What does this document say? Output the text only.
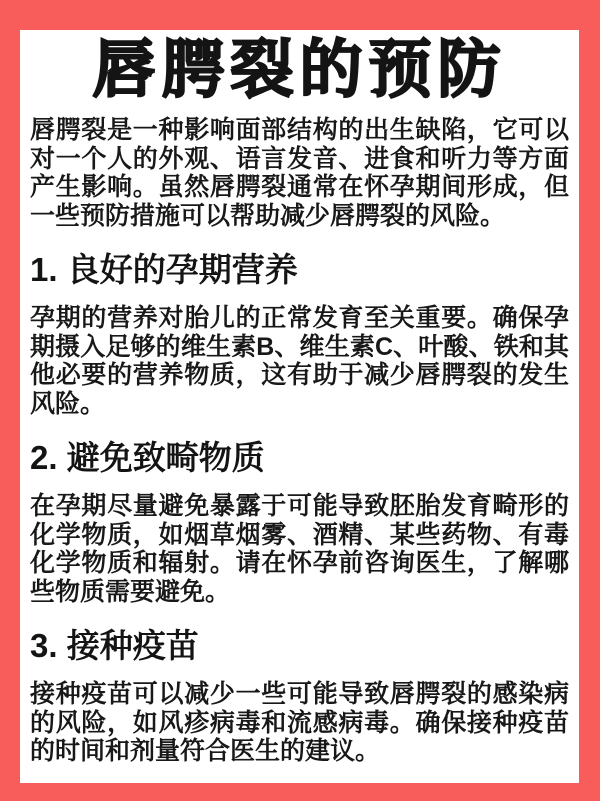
唇腭裂的预防

唇腭裂是一种影响面部结构的出生缺陷，它可以对一个人的外观、语言发音、进食和听力等方面产生影响。虽然唇腭裂通常在怀孕期间形成，但一些预防措施可以帮助减少唇腭裂的风险。

1. 良好的孕期营养

孕期的营养对胎儿的正常发育至关重要。确保孕期摄入足够的维生素B、维生素C、叶酸、铁和其他必要的营养物质，这有助于减少唇腭裂的发生风险。

2. 避免致畸物质

在孕期尽量避免暴露于可能导致胚胎发育畸形的化学物质，如烟草烟雾、酒精、某些药物、有毒化学物质和辐射。请在怀孕前咨询医生，了解哪些物质需要避免。

3. 接种疫苗

接种疫苗可以减少一些可能导致唇腭裂的感染病的风险，如风疹病毒和流感病毒。确保接种疫苗的时间和剂量符合医生的建议。
